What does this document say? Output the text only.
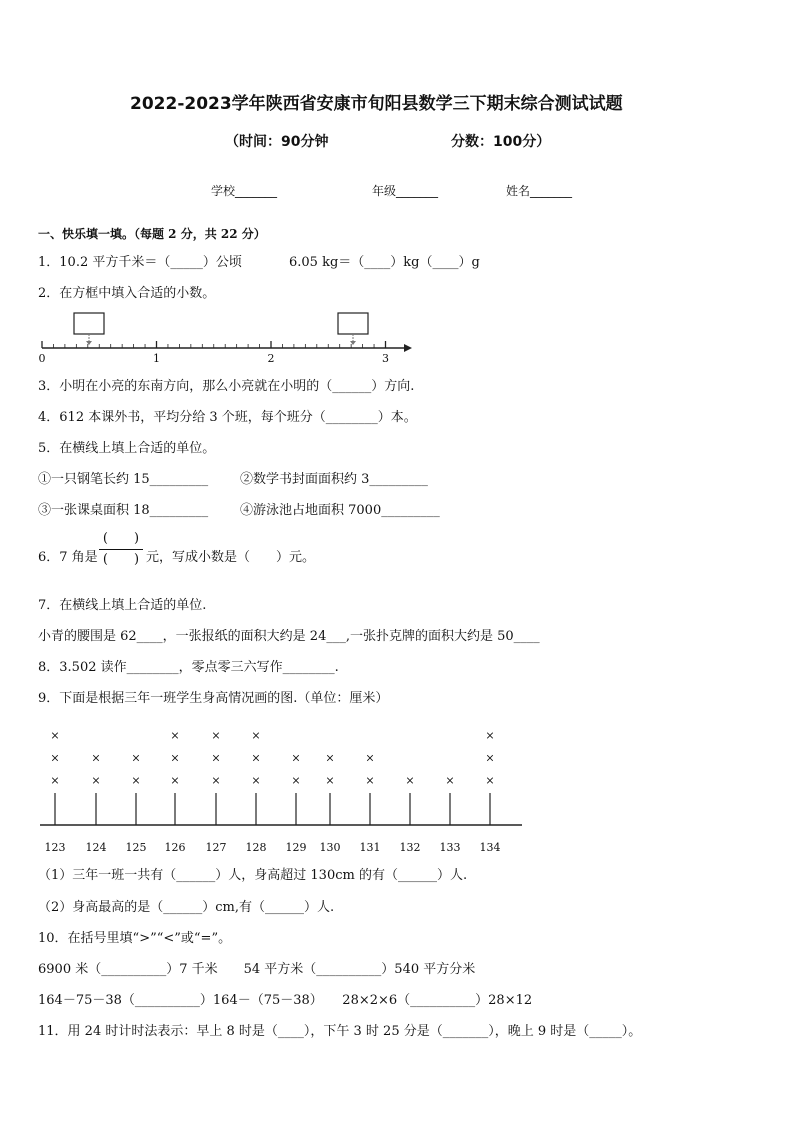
2022-2023学年陕西省安康市旬阳县数学三下期末综合测试试题
（时间：90分钟	分数：100分）
学校_______	年级_______	姓名_______
一、快乐填一填。（每题 2 分，共 22 分）
1．10.2 平方千米＝（_____）公顷	6.05 kg＝（____）kg（____）g
2．在方框中填入合适的小数。
0	1	2	3
3．小明在小亮的东南方向，那么小亮就在小明的（______）方向.
4．612 本课外书，平均分给 3 个班，每个班分（________）本。
5．在横线上填上合适的单位。
①一只钢笔长约 15_________ ②数学书封面面积约 3_________
③一张课桌面积 18_________ ④游泳池占地面积 7000_________
6．7 角是
(　　)
(　　) 元，写成小数是（　　）元。
7．在横线上填上合适的单位.
小青的腰围是 62____，一张报纸的面积大约是 24___,一张扑克牌的面积大约是 50____
8．3.502 读作________，零点零三六写作________.
9．下面是根据三年一班学生身高情况画的图.（单位：厘米）
123
×
×
×
124
×
×
125
×
×
126
×
×
×
127
×
×
×
128
×
×
×
129
×
×
130
×
×
131
×
×
132
×
133
×
134
×
×
×
（1）三年一班一共有（______）人，身高超过 130cm 的有（______）人.
（2）身高最高的是（______）cm,有（______）人.
10．在括号里填“>”“<”或“=”。
6900 米（__________）7 千米　　54 平方米（__________）540 平方分米
164－75－38（__________）164－（75－38）　　28×2×6（__________）28×12
11．用 24 时计时法表示：早上 8 时是（____），下午 3 时 25 分是（_______），晚上 9 时是（_____）。
